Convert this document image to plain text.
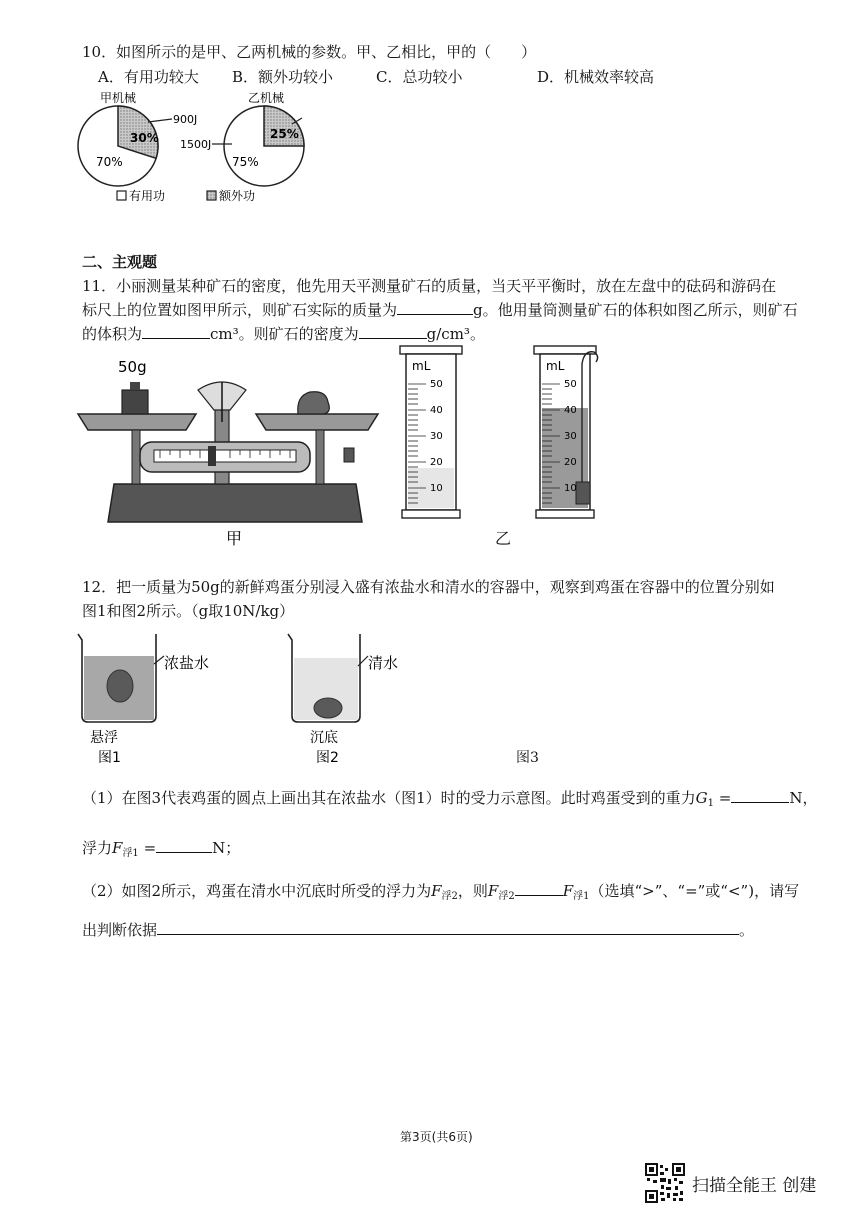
10．如图所示的是甲、乙两机械的参数。甲、乙相比，甲的（　　）
A．有用功较大 B．额外功较小	C．总功较小	D．机械效率较高
甲机械
30%
70%
900J
乙机械
25%
75%
1500J
有用功	额外功
二、主观题
11．小丽测量某种矿石的密度，他先用天平测量矿石的质量，当天平平衡时，放在左盘中的砝码和游码在
标尺上的位置如图甲所示，则矿石实际的质量为	g。他用量筒测量矿石的体积如图乙所示，则矿石
的体积为	cm³。则矿石的密度为	g/cm³。
50g
甲
mL
50
40
30
20
10
乙
mL
50
40
30
20
10
12．把一质量为50g的新鲜鸡蛋分别浸入盛有浓盐水和清水的容器中，观察到鸡蛋在容器中的位置分别如
图1和图2所示。（g取10N/kg）
浓盐水
悬浮
图1
清水
沉底
图2	图3
（1）在图3代表鸡蛋的圆点上画出其在浓盐水（图1）时的受力示意图。此时鸡蛋受到的重力$G_1$ =	N，
浮力$F_{浮1}$ =	N；
（2）如图2所示，鸡蛋在清水中沉底时所受的浮力为$F_{浮2}$，则$F_{浮2}$	$F_{浮1}$（选填“>”、“=”或“<”)，请写
出判断依据	。
第3页(共6页)
扫描全能王 创建
